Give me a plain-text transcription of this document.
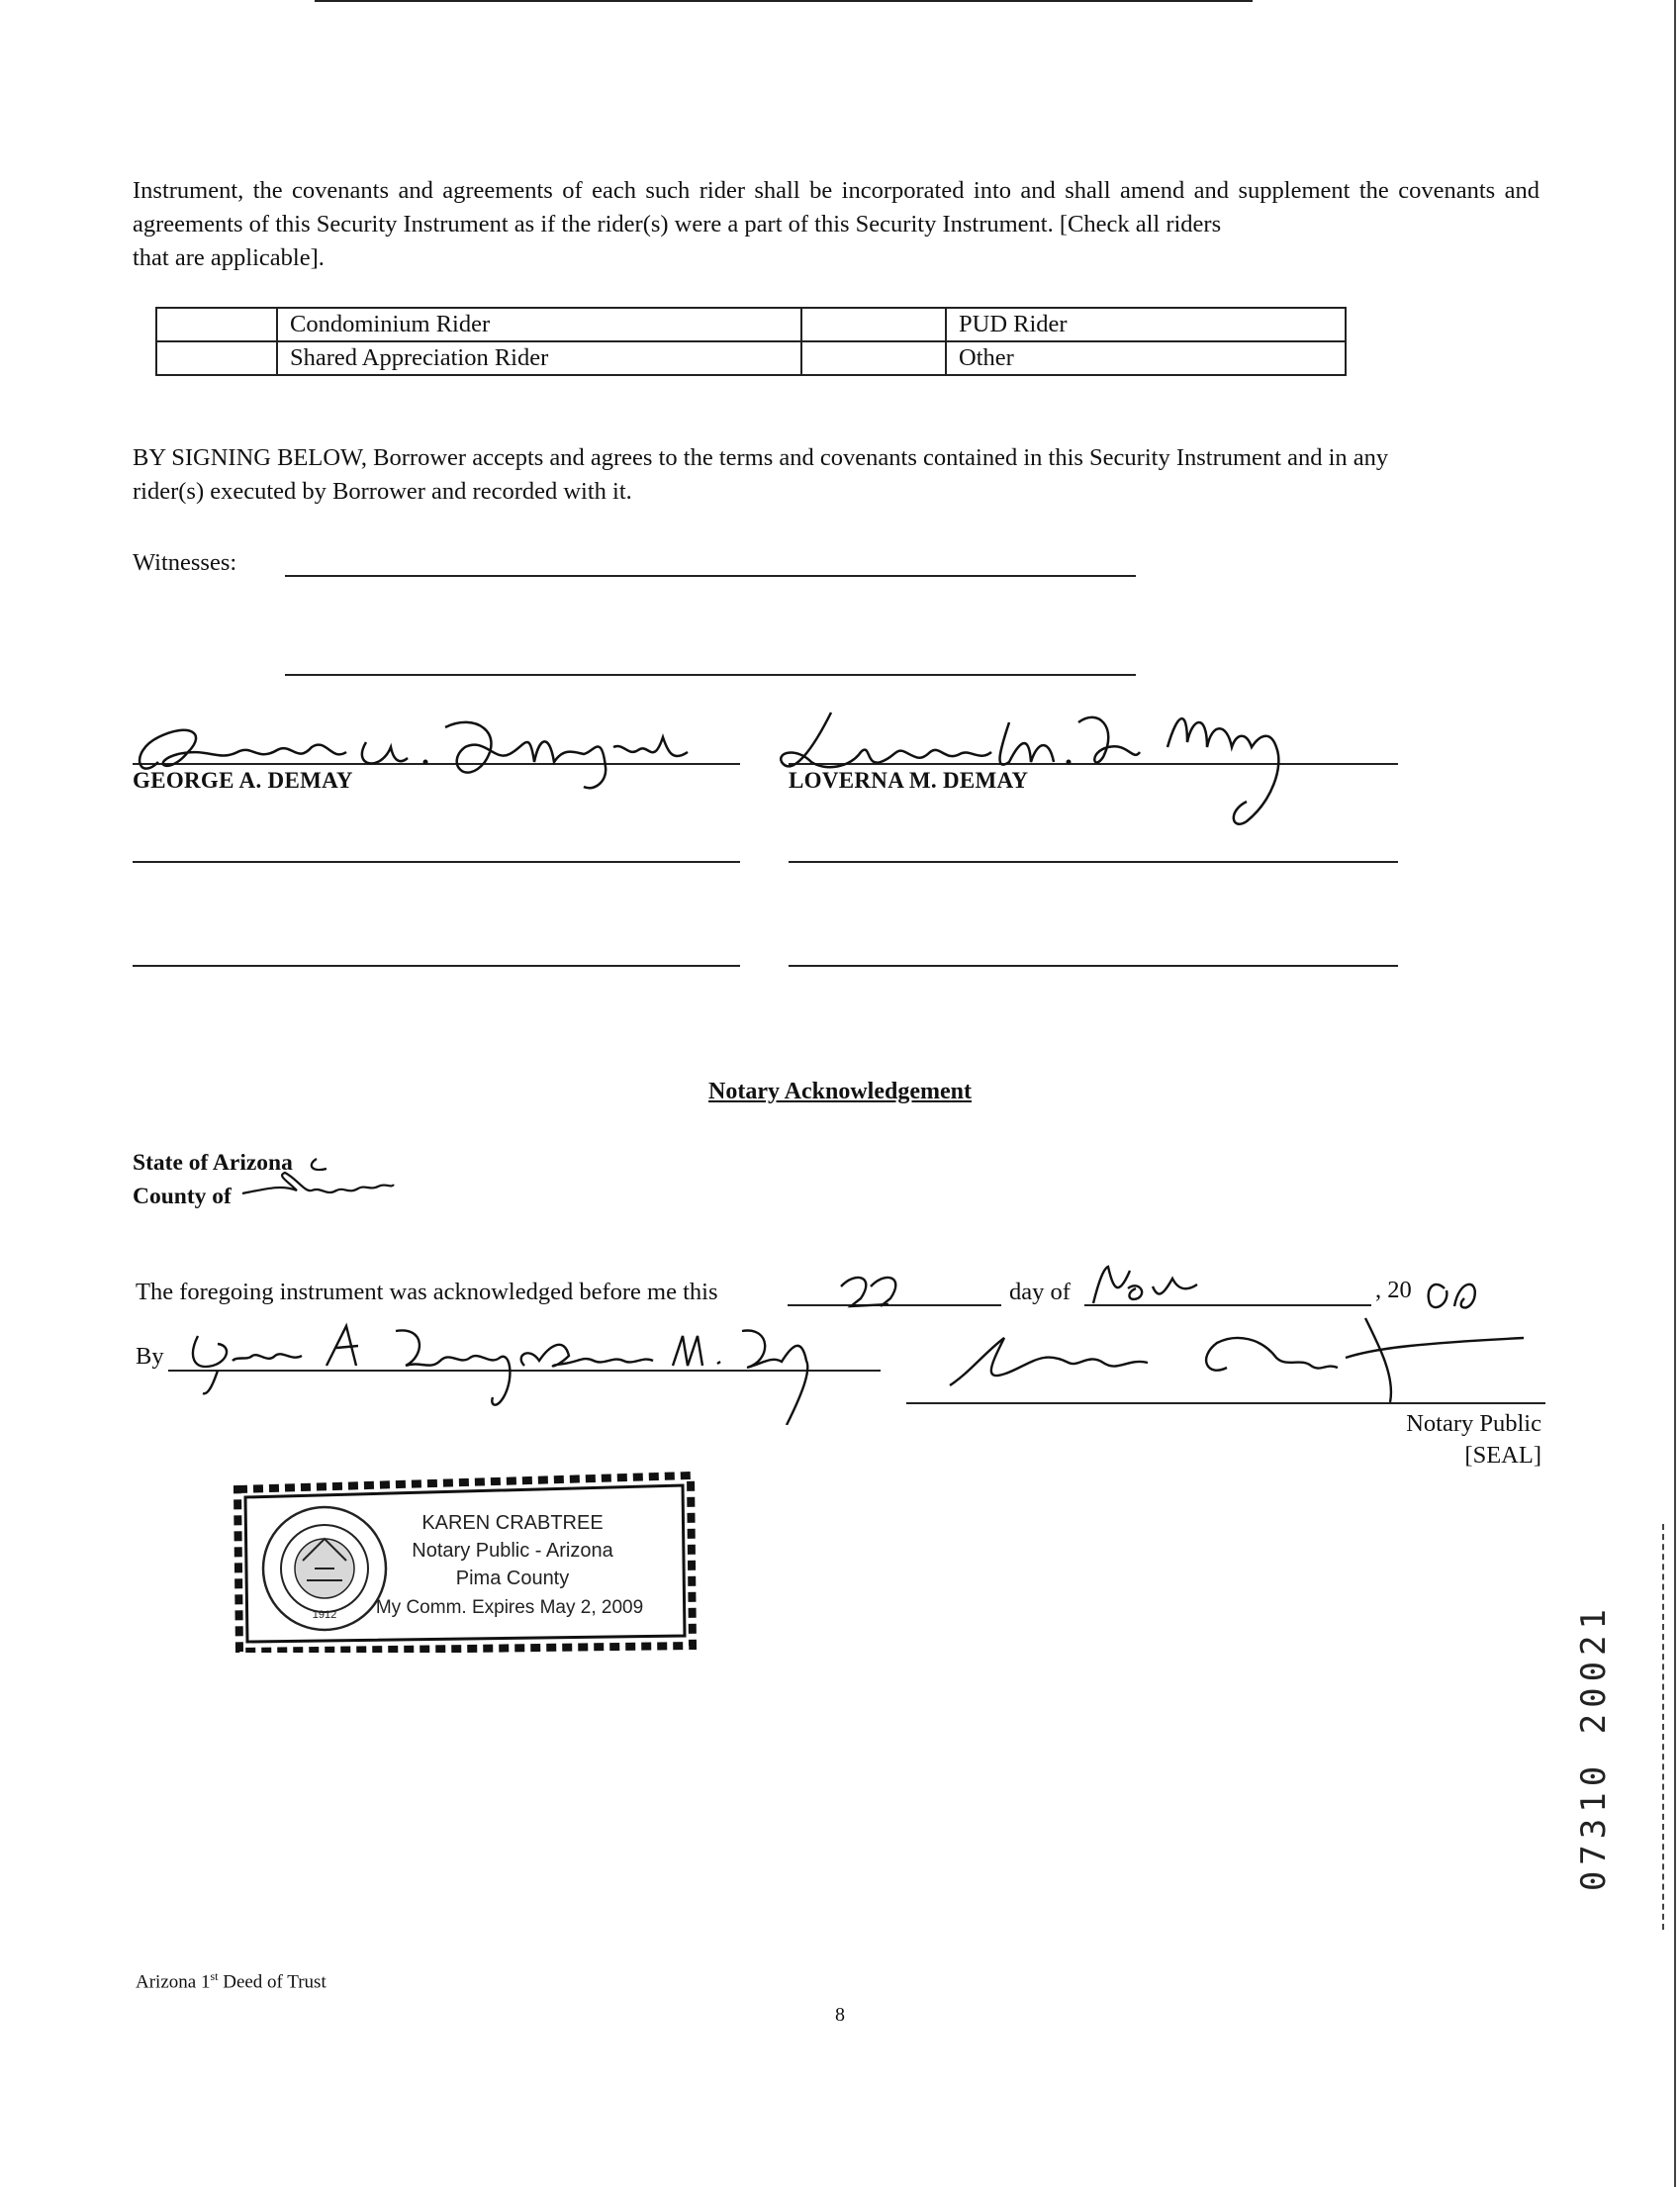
Instrument, the covenants and agreements of each such rider shall be incorporated into and shall amend and supplement the covenants and agreements of this Security Instrument as if the rider(s) were a part of this Security Instrument. [Check all riders
that are applicable].
	Condominium Rider		PUD Rider
	Shared Appreciation Rider		Other
BY SIGNING BELOW, Borrower accepts and agrees to the terms and covenants contained in this Security Instrument and in any
rider(s) executed by Borrower and recorded with it.
Witnesses:
GEORGE A. DEMAY	LOVERNA M. DEMAY
Notary Acknowledgement
State of Arizona
County of
The foregoing instrument was acknowledged before me this	day of	, 20
By
Notary Public
[SEAL]
1912
KAREN CRABTREE
Notary Public - Arizona
Pima County
My Comm. Expires May 2, 2009
Arizona 1st Deed of Trust
8
07310 20021
